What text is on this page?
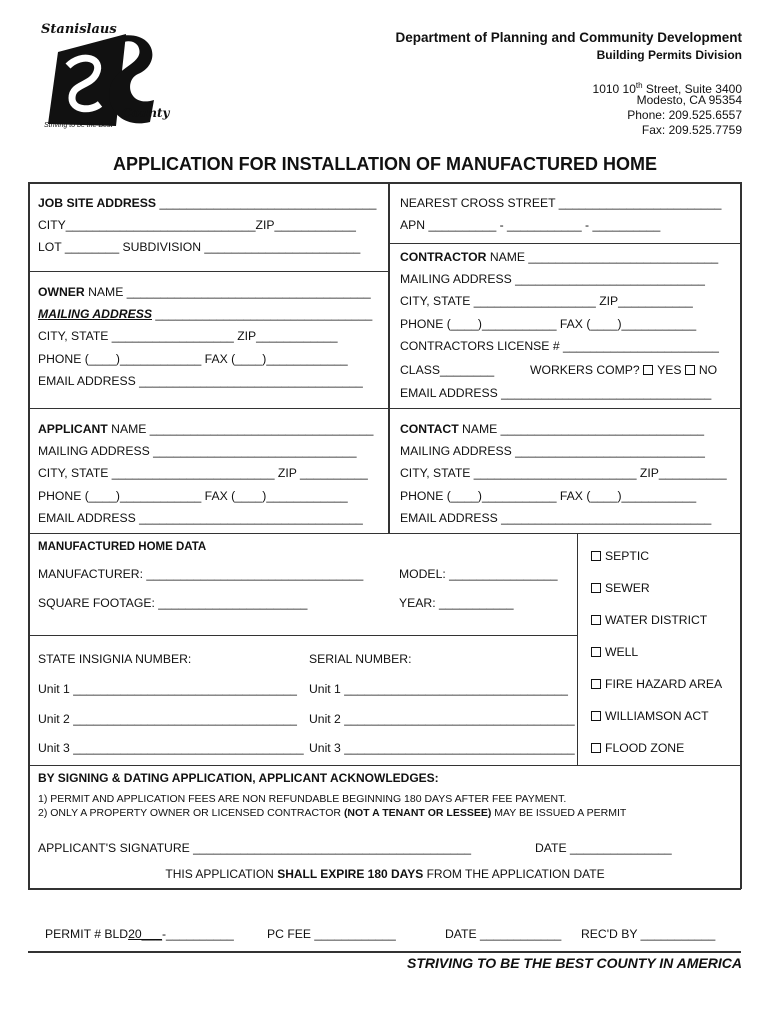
Stanislaus
County
Striving to be the Best
Department of Planning and Community Development
Building Permits Division
1010 10th Street, Suite 3400
Modesto, CA 95354
Phone: 209.525.6557
Fax: 209.525.7759
APPLICATION FOR INSTALLATION OF MANUFACTURED HOME
JOB SITE ADDRESS ________________________________
CITY____________________________ZIP____________
LOT ________ SUBDIVISION _______________________
NEAREST CROSS STREET ________________________
APN __________ - ___________ - __________
OWNER NAME ____________________________________
MAILING ADDRESS ________________________________
CITY, STATE __________________ ZIP____________
PHONE (____)____________ FAX (____)____________
EMAIL ADDRESS _________________________________
CONTRACTOR NAME ____________________________
MAILING ADDRESS ____________________________
CITY, STATE __________________ ZIP___________
PHONE (____)___________ FAX (____)___________
CONTRACTORS LICENSE # _______________________
CLASS________	WORKERS COMP? YES NO
EMAIL ADDRESS _______________________________
APPLICANT NAME _________________________________
MAILING ADDRESS ______________________________
CITY, STATE ________________________ ZIP __________
PHONE (____)____________ FAX (____)____________
EMAIL ADDRESS _________________________________
CONTACT NAME ______________________________
MAILING ADDRESS ____________________________
CITY, STATE ________________________ ZIP__________
PHONE (____)___________ FAX (____)___________
EMAIL ADDRESS _______________________________
MANUFACTURED HOME DATA
MANUFACTURER: ________________________________	MODEL: ________________
SQUARE FOOTAGE: ______________________	YEAR: ___________
STATE INSIGNIA NUMBER:	SERIAL NUMBER:
Unit 1 _________________________________ Unit 1 _________________________________
Unit 2 _________________________________ Unit 2 __________________________________
Unit 3 __________________________________ Unit 3 __________________________________
SEPTIC
SEWER
WATER DISTRICT
WELL
FIRE HAZARD AREA
WILLIAMSON ACT
FLOOD ZONE
BY SIGNING & DATING APPLICATION, APPLICANT ACKNOWLEDGES:
1) PERMIT AND APPLICATION FEES ARE NON REFUNDABLE BEGINNING 180 DAYS AFTER FEE PAYMENT.
2) ONLY A PROPERTY OWNER OR LICENSED CONTRACTOR (NOT A TENANT OR LESSEE) MAY BE ISSUED A PERMIT
APPLICANT'S SIGNATURE _________________________________________	DATE _______________
THIS APPLICATION SHALL EXPIRE 180 DAYS FROM THE APPLICATION DATE
PERMIT # BLD20___-__________	PC FEE ____________	DATE ____________ REC'D BY ___________
STRIVING TO BE THE BEST COUNTY IN AMERICA
